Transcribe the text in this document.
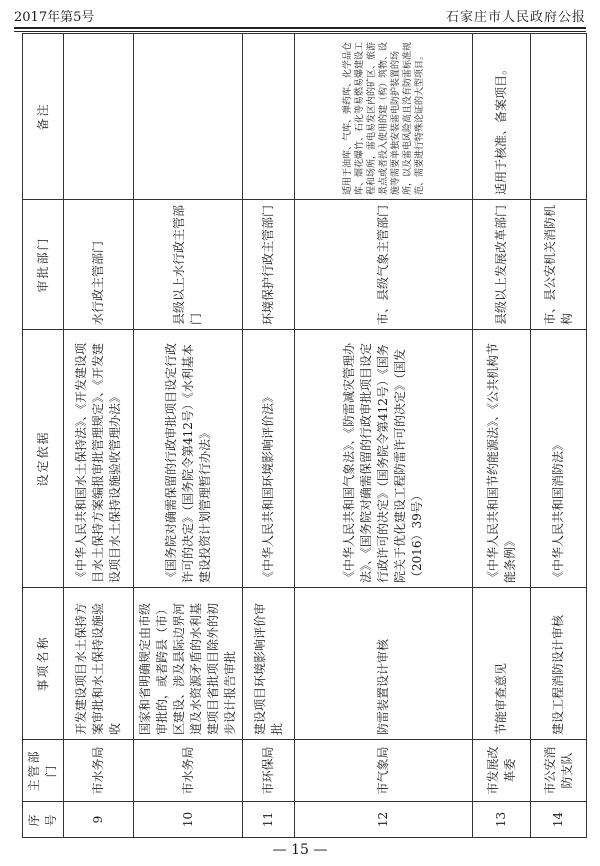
2017年第5号	石家庄市人民政府公报
序号	主管部门	事项名称	设定依据	审批部门	备注
9	市水务局	开发建设项目水土保持方案审批和水土保持设施验收	《中华人民共和国水土保持法》、《开发建设项目水土保持方案编报审批管理规定》、《开发建设项目水土保持设施验收管理办法》	水行政主管部门	
10	市水务局	国家和省明确规定由市级审批的，或者跨县（市）区建设、涉及县际边界河道及水资源矛盾的水利基建项目省批项目除外的初步设计报告审批	《国务院对确需保留的行政审批项目设定行政许可的决定》（国务院令第412号）《水利基本建设投资计划管理暂行办法》	县级以上水行政主管部门	
11	市环保局	建设项目环境影响评价审批	《中华人民共和国环境影响评价法》	环境保护行政主管部门	
12	市气象局	防雷装置设计审核	《中华人民共和国气象法》、《防雷减灾管理办法》、《国务院对确需保留的行政审批项目设定行政许可的决定》（国务院令第412号）《国务院关于优化建设工程防雷许可的决定》（国发（2016）39号）	市、县级气象主管部门	适用于油库、气库、弹药库、化学品仓库、烟花爆竹、石化等易燃易爆建设工程和场所，雷电易发区内的矿区、旅游景点或者投入使用的建（构）筑物、设施等需要单独安装雷电防护装置的场所，以及雷电风险高且没有防雷标准规范、需要进行特殊论证的大型项目。
13	市发展改革委	节能审查意见	《中华人民共和国节约能源法》、《公共机构节能条例》	县级以上发展改革部门	适用于核准、备案项目。
14	市公安消防支队	建设工程消防设计审核	《中华人民共和国消防法》	市、县公安机关消防机构	
— 15 —
